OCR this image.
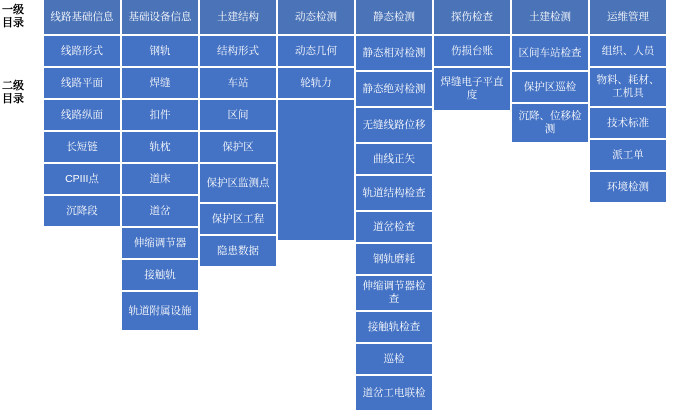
一级
目录
二级
目录
线路基础信息
线路形式
线路平面
线路纵面
长短链
CPIII点
沉降段
基础设备信息
钢轨
焊缝
扣件
轨枕
道床
道岔
伸缩调节器
接触轨
轨道附属设施
土建结构
结构形式
车站
区间
保护区
保护区监测点
保护区工程
隐患数据
动态检测
动态几何
轮轨力
静态检测
静态相对检测
静态绝对检测
无缝线路位移
曲线正矢
轨道结构检查
道岔检查
钢轨磨耗
伸缩调节器检查
接触轨检查
巡检
道岔工电联检
探伤检查
伤损台账
焊缝电子平直度
土建检测
区间车站检查
保护区巡检
沉降、位移检测
运维管理
组织、人员
物料、耗材、工机具
技术标准
派工单
环境检测
